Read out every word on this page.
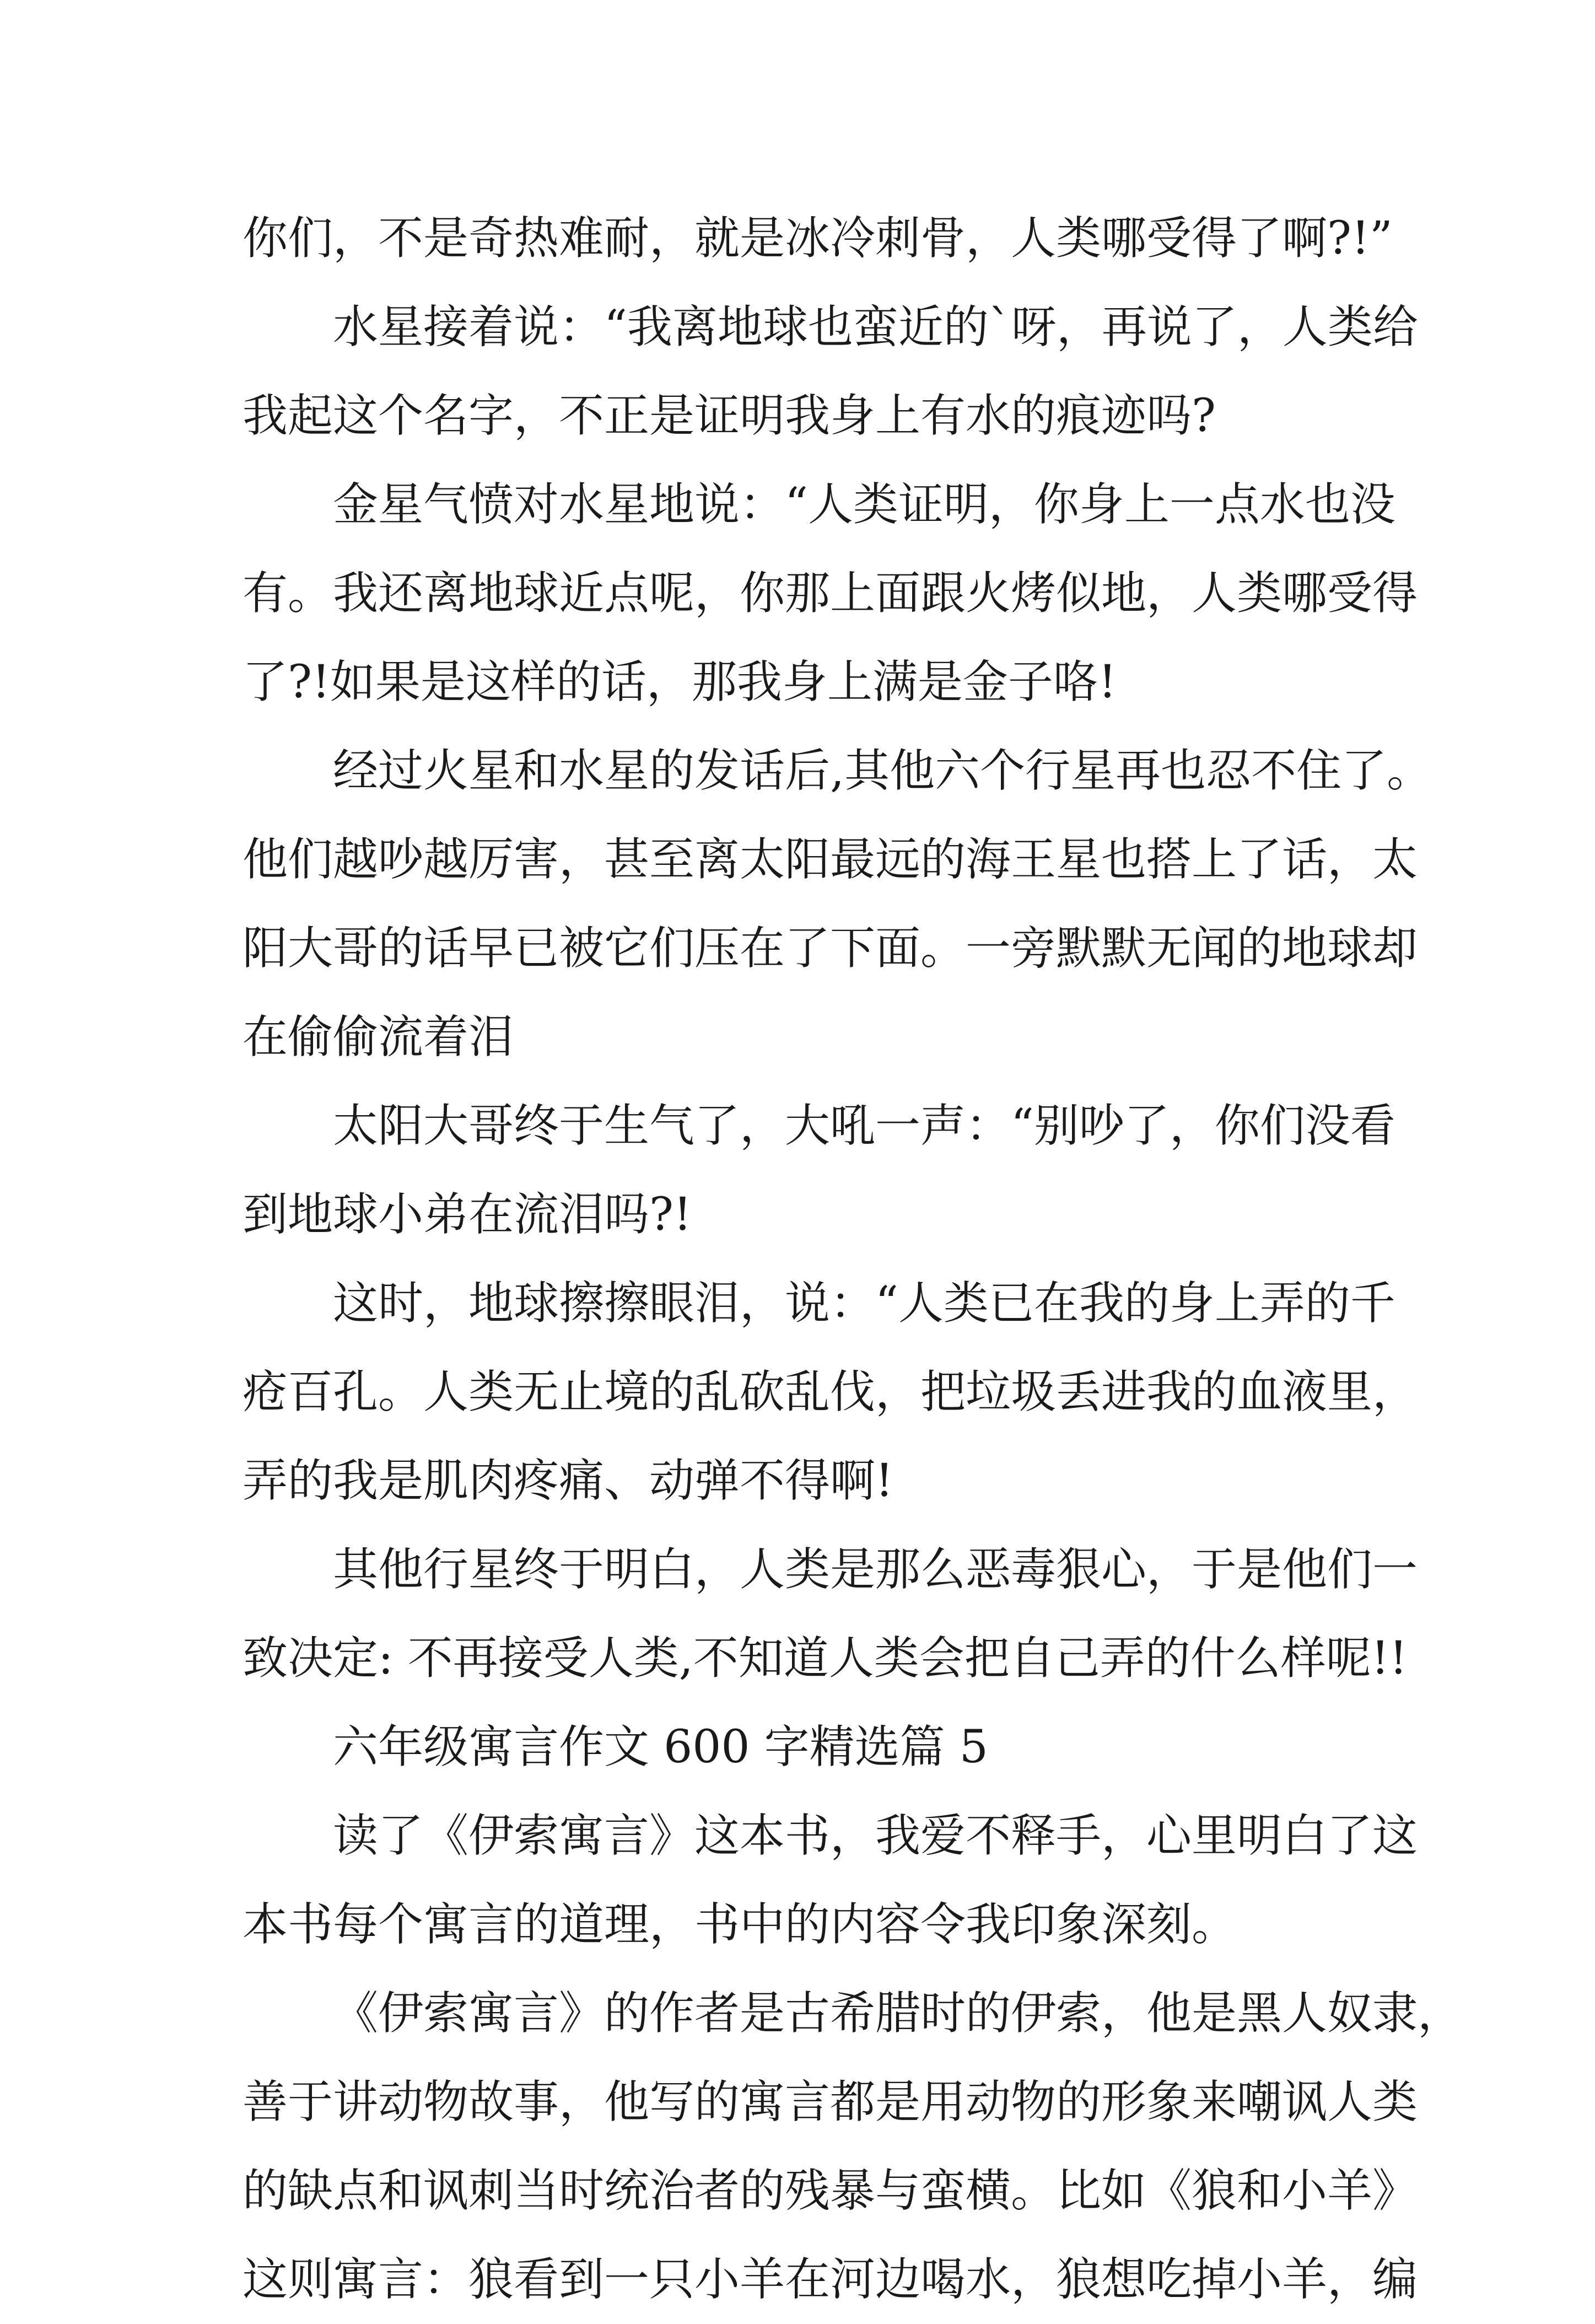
你们，不是奇热难耐，就是冰冷刺骨，人类哪受得了啊?!”
水星接着说：“我离地球也蛮近的`呀，再说了，人类给
我起这个名字，不正是证明我身上有水的痕迹吗?
金星气愤对水星地说：“人类证明，你身上一点水也没
有。我还离地球近点呢，你那上面跟火烤似地，人类哪受得
了?!如果是这样的话，那我身上满是金子咯!
经过火星和水星的发话后,其他六个行星再也忍不住了。
他们越吵越厉害，甚至离太阳最远的海王星也搭上了话，太
阳大哥的话早已被它们压在了下面。一旁默默无闻的地球却
在偷偷流着泪
太阳大哥终于生气了，大吼一声：“别吵了，你们没看
到地球小弟在流泪吗?!
这时，地球擦擦眼泪，说：“人类已在我的身上弄的千
疮百孔。人类无止境的乱砍乱伐，把垃圾丢进我的血液里，
弄的我是肌肉疼痛、动弹不得啊!
其他行星终于明白，人类是那么恶毒狠心，于是他们一
致决定: 不再接受人类,不知道人类会把自己弄的什么样呢!!
六年级寓言作文 600 字精选篇 5
读了《伊索寓言》这本书，我爱不释手，心里明白了这
本书每个寓言的道理，书中的内容令我印象深刻。
《伊索寓言》的作者是古希腊时的伊索，他是黑人奴隶，
善于讲动物故事，他写的寓言都是用动物的形象来嘲讽人类
的缺点和讽刺当时统治者的残暴与蛮横。比如《狼和小羊》
这则寓言：狼看到一只小羊在河边喝水，狼想吃掉小羊，编
